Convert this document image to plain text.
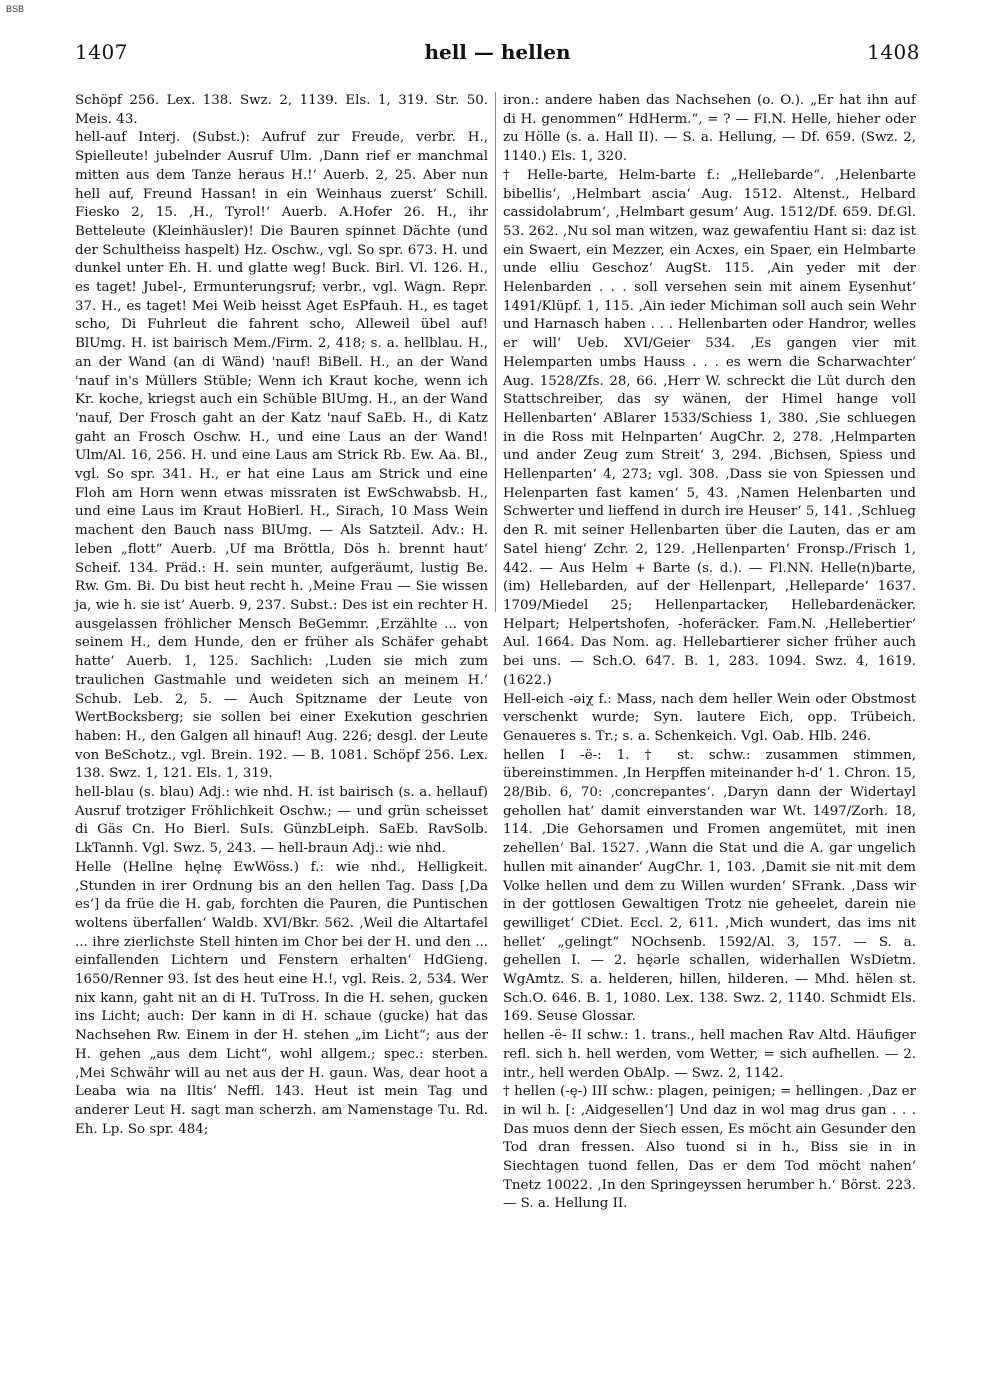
BSB
1407	hell — hellen	1408

Schöpf 256. Lex. 138. Swz. 2, 1139. Els. 1, 319. Str. 50. Meis. 43.

hell-auf Interj. (Subst.): Aufruf zur Freude, verbr. H., Spielleute! jubelnder Ausruf Ulm. ‚Dann rief er manchmal mitten aus dem Tanze heraus H.!‘ Auerb. 2, 25. Aber nun hell auf, Freund Hassan! in ein Weinhaus zuerst‘ Schill. Fiesko 2, 15. ‚H., Tyrol!‘ Auerb. A.Hofer 26. H., ihr Betteleute (Kleinhäusler)! Die Bauren spinnet Dächte (und der Schultheiss haspelt) Hz. Oschw., vgl. So spr. 673. H. und dunkel unter Eh. H. und glatte weg! Buck. Birl. Vl. 126. H., es taget! Jubel-, Ermunterungsruf; verbr., vgl. Wagn. Repr. 37. H., es taget! Mei Weib heisst Aget EsPfauh. H., es taget scho, Di Fuhrleut die fahrent scho, Alleweil übel auf! BlUmg. H. ist bairisch Mem./Firm. 2, 418; s. a. hellblau. H., an der Wand (an di Wänd) 'nauf! BiBell. H., an der Wand 'nauf in's Müllers Stüble; Wenn ich Kraut koche, wenn ich Kr. koche, kriegst auch ein Schüble BlUmg. H., an der Wand 'nauf, Der Frosch gaht an der Katz 'nauf SaEb. H., di Katz gaht an Frosch Oschw. H., und eine Laus an der Wand! Ulm/Al. 16, 256. H. und eine Laus am Strick Rb. Ew. Aa. Bl., vgl. So spr. 341. H., er hat eine Laus am Strick und eine Floh am Horn wenn etwas missraten ist EwSchwabsb. H., und eine Laus im Kraut HoBierl. H., Sirach, 10 Mass Wein machent den Bauch nass BlUmg. — Als Satzteil. Adv.: H. leben „flott“ Auerb. ‚Uf ma Bröttla, Dös h. brennt haut‘ Scheif. 134. Präd.: H. sein munter, aufgeräumt, lustig Be. Rw. Gm. Bi. Du bist heut recht h. ‚Meine Frau — Sie wissen ja, wie h. sie ist‘ Auerb. 9, 237. Subst.: Des ist ein rechter H. ausgelassen fröhlicher Mensch BeGemmr. ‚Erzählte ... von seinem H., dem Hunde, den er früher als Schäfer gehabt hatte‘ Auerb. 1, 125. Sachlich: ‚Luden sie mich zum traulichen Gastmahle und weideten sich an meinem H.‘ Schub. Leb. 2, 5. — Auch Spitzname der Leute von WertBocksberg; sie sollen bei einer Exekution geschrien haben: H., den Galgen all hinauf! Aug. 226; desgl. der Leute von BeSchotz., vgl. Brein. 192. — B. 1081. Schöpf 256. Lex. 138. Swz. 1, 121. Els. 1, 319.

hell-blau (s. blau) Adj.: wie nhd. H. ist bairisch (s. a. hellauf) Ausruf trotziger Fröhlichkeit Oschw.; — und grün scheisset di Gäs Cn. Ho Bierl. SuIs. GünzbLeiph. SaEb. RavSolb. LkTannh. Vgl. Swz. 5, 243. — hell-braun Adj.: wie nhd.

Helle (Hellne hęlnę EwWöss.) f.: wie nhd., Helligkeit. ‚Stunden in irer Ordnung bis an den hellen Tag. Dass [‚Da es‘] da früe die H. gab, forchten die Pauren, die Puntischen woltens überfallen‘ Waldb. XVI/Bkr. 562. ‚Weil die Altartafel ... ihre zierlichste Stell hinten im Chor bei der H. und den ... einfallenden Lichtern und Fenstern erhalten‘ HdGieng. 1650/Renner 93. Ist des heut eine H.!, vgl. Reis. 2, 534. Wer nix kann, gaht nit an di H. TuTross. In die H. sehen, gucken ins Licht; auch: Der kann in di H. schaue (gucke) hat das Nachsehen Rw. Einem in der H. stehen „im Licht“; aus der H. gehen „aus dem Licht“, wohl allgem.; spec.: sterben. ‚Mei Schwähr will au net aus der H. gaun. Was, dear hoot a Leaba wia na Iltis‘ Neffl. 143. Heut ist mein Tag und anderer Leut H. sagt man scherzh. am Namenstage Tu. Rd. Eh. Lp. So spr. 484;

iron.: andere haben das Nachsehen (o. O.). „Er hat ihn auf di H. genommen“ HdHerm.“, = ? — Fl.N. Helle, hieher oder zu Hölle (s. a. Hall II). — S. a. Hellung, — Df. 659. (Swz. 2, 1140.) Els. 1, 320.

† Helle-barte, Helm-barte f.: „Hellebarde“. ‚Helenbarte bibellis‘, ‚Helmbart ascia‘ Aug. 1512. Altenst., Helbard cassidolabrum‘, ‚Helmbart gesum‘ Aug. 1512/Df. 659. Df.Gl. 53. 262. ‚Nu sol man witzen, waz gewafentiu Hant si: daz ist ein Swaert, ein Mezzer, ein Acxes, ein Spaer, ein Helmbarte unde elliu Geschoz‘ AugSt. 115. ‚Ain yeder mit der Helenbarden . . . soll versehen sein mit ainem Eysenhut‘ 1491/Klüpf. 1, 115. ‚Ain ieder Michiman soll auch sein Wehr und Harnasch haben . . . Hellenbarten oder Handror, welles er will‘ Ueb. XVI/Geier 534. ‚Es gangen vier mit Helemparten umbs Hauss . . . es wern die Scharwachter‘ Aug. 1528/Zfs. 28, 66. ‚Herr W. schreckt die Lüt durch den Stattschreiber, das sy wänen, der Himel hange voll Hellenbarten‘ ABlarer 1533/Schiess 1, 380. ‚Sie schluegen in die Ross mit Helnparten‘ AugChr. 2, 278. ‚Helmparten und ander Zeug zum Streit‘ 3, 294. ‚Bichsen, Spiess und Hellenparten‘ 4, 273; vgl. 308. ‚Dass sie von Spiessen und Helenparten fast kamen‘ 5, 43. ‚Namen Helenbarten und Schwerter und lieffend in durch ire Heuser‘ 5, 141. ‚Schlueg den R. mit seiner Hellenbarten über die Lauten, das er am Satel hieng‘ Zchr. 2, 129. ‚Hellenparten‘ Fronsp./Frisch 1, 442. — Aus Helm + Barte (s. d.). — Fl.NN. Helle(n)barte, (im) Hellebarden, auf der Hellenpart, ‚Helleparde‘ 1637. 1709/Miedel 25; Hellenpartacker, Hellebardenäcker. Helpart; Helpertshofen, -hoferäcker. Fam.N. ‚Hellebertier‘ Aul. 1664. Das Nom. ag. Hellebartierer sicher früher auch bei uns. — Sch.O. 647. B. 1, 283. 1094. Swz. 4, 1619. (1622.)

Hell-eich -əiχ f.: Mass, nach dem heller Wein oder Obstmost verschenkt wurde; Syn. lautere Eich, opp. Trübeich. Genaueres s. Tr.; s. a. Schenkeich. Vgl. Oab. Hlb. 246.

hellen I -ë-: 1. † st. schw.: zusammen stimmen, übereinstimmen. ‚In Herpffen miteinander h-d‘ 1. Chron. 15, 28/Bib. 6, 70: ‚concrepantes‘. ‚Daryn dann der Widertayl gehollen hat‘ damit einverstanden war Wt. 1497/Zorh. 18, 114. ‚Die Gehorsamen und Fromen angemütet, mit inen zehellen‘ Bal. 1527. ‚Wann die Stat und die A. gar ungelich hullen mit ainander‘ AugChr. 1, 103. ‚Damit sie nit mit dem Volke hellen und dem zu Willen wurden‘ SFrank. ‚Dass wir in der gottlosen Gewaltigen Trotz nie geheelet, darein nie gewilliget‘ CDiet. Eccl. 2, 611. ‚Mich wundert, das ims nit hellet‘ „gelingt“ NOchsenb. 1592/Al. 3, 157. — S. a. gehellen I. — 2. hęərle schallen, widerhallen WsDietm. WgAmtz. S. a. helderen, hillen, hilderen. — Mhd. hëlen st. Sch.O. 646. B. 1, 1080. Lex. 138. Swz. 2, 1140. Schmidt Els. 169. Seuse Glossar.

hellen -ë- II schw.: 1. trans., hell machen Rav Altd. Häufiger refl. sich h. hell werden, vom Wetter, = sich aufhellen. — 2. intr., hell werden ObAlp. — Swz. 2, 1142.

† hellen (-ę-) III schw.: plagen, peinigen; = hellingen. ‚Daz er in wil h. [: ‚Aidgesellen‘] Und daz in wol mag drus gan . . . Das muos denn der Siech essen, Es möcht ain Gesunder den Tod dran fressen. Also tuond si in h., Biss sie in in Siechtagen tuond fellen, Das er dem Tod möcht nahen‘ Tnetz 10022. ‚In den Springeyssen herumber h.‘ Börst. 223. — S. a. Hellung II.
